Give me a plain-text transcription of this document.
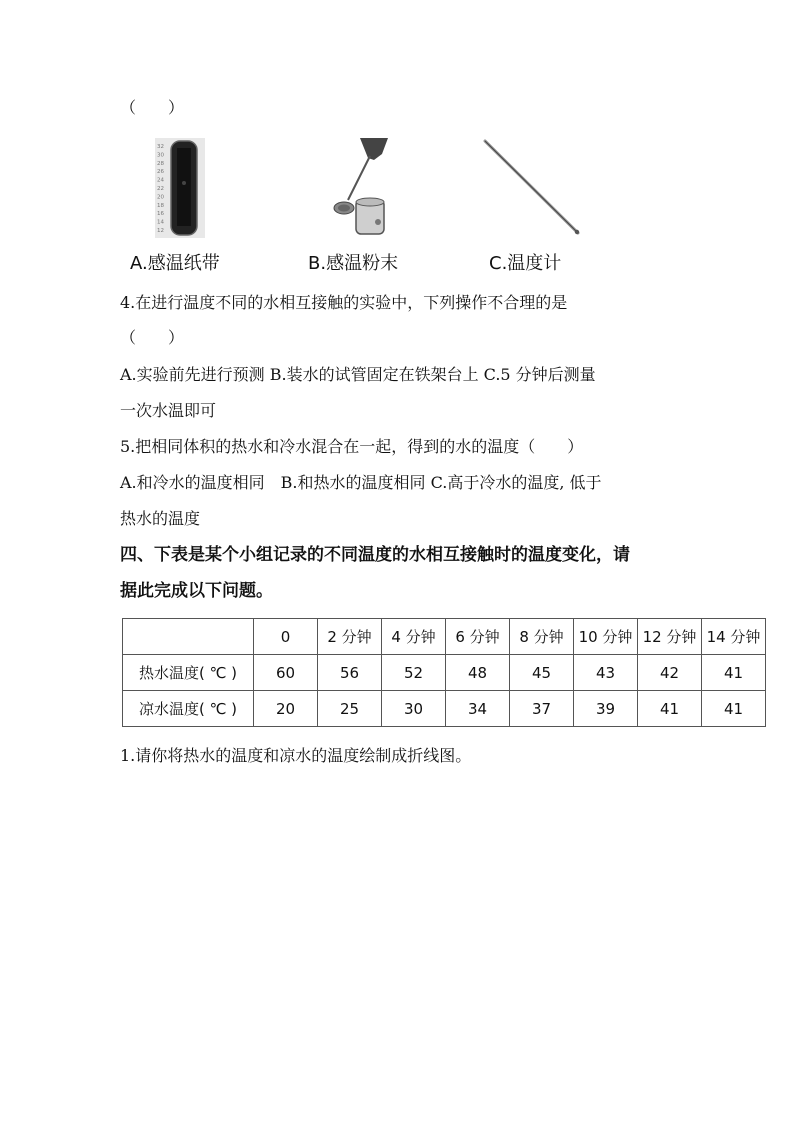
（　　）
32
30
28
26
24
22
20
18
16
14
12
A.感温纸带	B.感温粉末	C.温度计
4.在进行温度不同的水相互接触的实验中，下列操作不合理的是
（　　）
A.实验前先进行预测 B.装水的试管固定在铁架台上 C.5 分钟后测量
一次水温即可
5.把相同体积的热水和冷水混合在一起，得到的水的温度（　　）
A.和冷水的温度相同　B.和热水的温度相同 C.高于冷水的温度, 低于
热水的温度
四、下表是某个小组记录的不同温度的水相互接触时的温度变化，请
据此完成以下问题。
	0	2 分钟	4 分钟	6 分钟	8 分钟	10 分钟	12 分钟	14 分钟
热水温度( ℃ )	60	56	52	48	45	43	42	41
凉水温度( ℃ )	20	25	30	34	37	39	41	41
1.请你将热水的温度和凉水的温度绘制成折线图。
